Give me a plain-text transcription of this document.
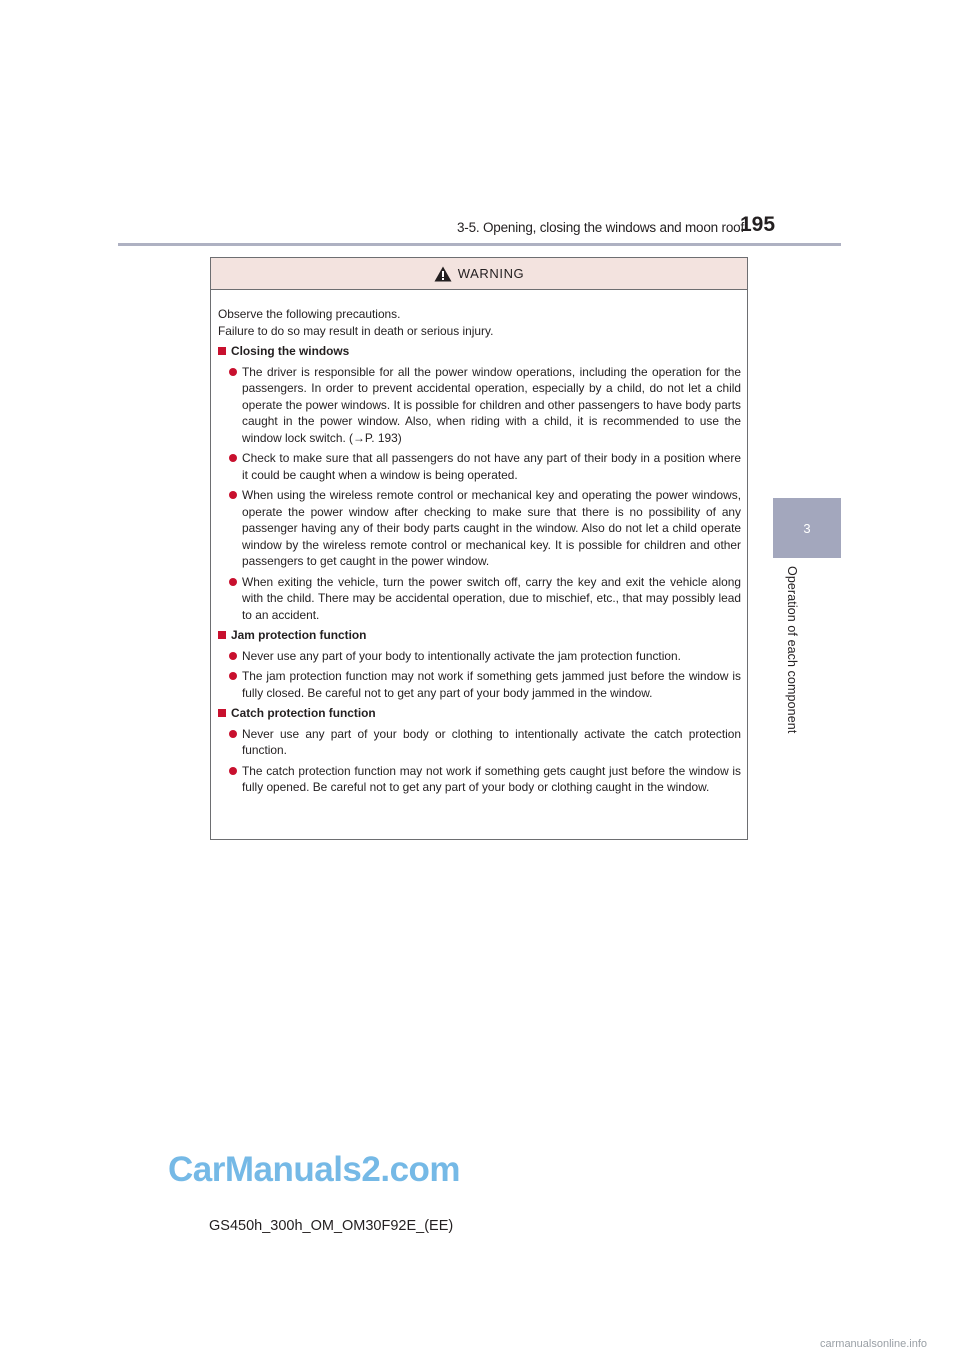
3-5. Opening, closing the windows and moon roof
195
3
Operation of each component
WARNING

Observe the following precautions.

Failure to do so may result in death or serious injury.

Closing the windows
The driver is responsible for all the power window operations, including the operation for the passengers. In order to prevent accidental operation, especially by a child, do not let a child operate the power windows. It is possible for children and other passengers to have body parts caught in the power window. Also, when riding with a child, it is recommended to use the window lock switch. (→P. 193)
Check to make sure that all passengers do not have any part of their body in a position where it could be caught when a window is being operated.
When using the wireless remote control or mechanical key and operating the power windows, operate the power window after checking to make sure that there is no possibility of any passenger having any of their body parts caught in the window. Also do not let a child operate window by the wireless remote control or mechanical key. It is possible for children and other passengers to get caught in the power window.
When exiting the vehicle, turn the power switch off, carry the key and exit the vehicle along with the child. There may be accidental operation, due to mischief, etc., that may possibly lead to an accident.
Jam protection function
Never use any part of your body to intentionally activate the jam protection function.
The jam protection function may not work if something gets jammed just before the window is fully closed. Be careful not to get any part of your body jammed in the window.
Catch protection function
Never use any part of your body or clothing to intentionally activate the catch protection function.
The catch protection function may not work if something gets caught just before the window is fully opened. Be careful not to get any part of your body or clothing caught in the window.
CarManuals2.com
GS450h_300h_OM_OM30F92E_(EE)
carmanualsonline.info
